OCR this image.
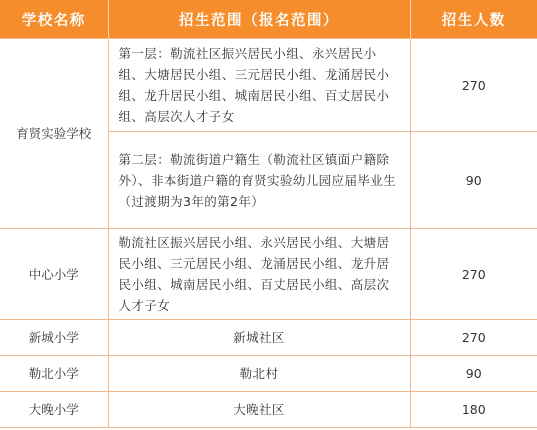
学校名称	招生范围（报名范围）	招生人数
育贤实验学校	第一层：勒流社区振兴居民小组、永兴居民小组、大塘居民小组、三元居民小组、龙涌居民小组、龙升居民小组、城南居民小组、百丈居民小组、高层次人才子女	270
	第二层：勒流街道户籍生（勒流社区镇面户籍除外）、非本街道户籍的育贤实验幼儿园应届毕业生（过渡期为3年的第2年）	90
中心小学	勒流社区振兴居民小组、永兴居民小组、大塘居民小组、三元居民小组、龙涌居民小组、龙升居民小组、城南居民小组、百丈居民小组、高层次人才子女	270
新城小学	新城社区	270
勒北小学	勒北村	90
大晚小学	大晚社区	180
